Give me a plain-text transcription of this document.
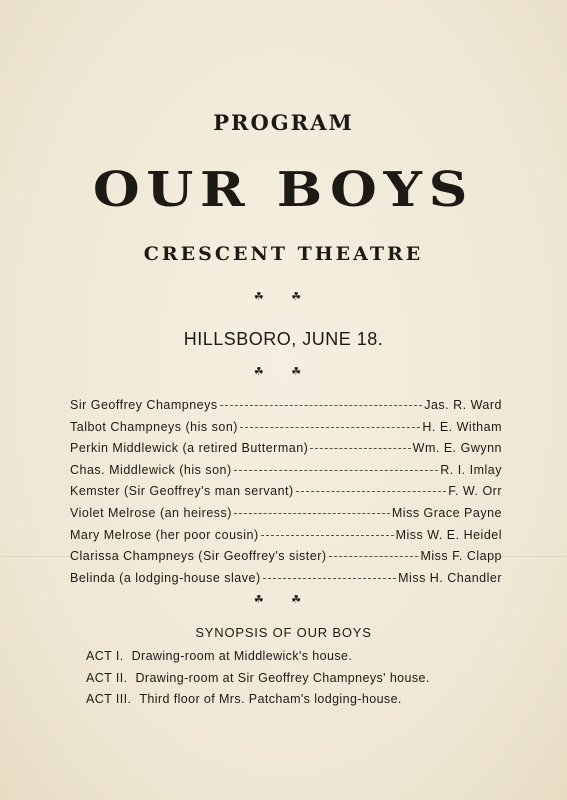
PROGRAM
OUR BOYS
CRESCENT THEATRE
☘ ☘
HILLSBORO, JUNE 18.
☘ ☘
Sir Geoffrey Champneys	Jas. R. Ward
Talbot Champneys (his son)	H. E. Witham
Perkin Middlewick (a retired Butterman)	Wm. E. Gwynn
Chas. Middlewick (his son)	R. I. Imlay
Kemster (Sir Geoffrey's man servant)	F. W. Orr
Violet Melrose (an heiress)	Miss Grace Payne
Mary Melrose (her poor cousin)	Miss W. E. Heidel
Clarissa Champneys (Sir Geoffrey's sister)	Miss F. Clapp
Belinda (a lodging-house slave)	Miss H. Chandler
☘ ☘
SYNOPSIS OF OUR BOYS
ACT I. Drawing-room at Middlewick's house.
ACT II. Drawing-room at Sir Geoffrey Champneys' house.
ACT III. Third floor of Mrs. Patcham's lodging-house.
